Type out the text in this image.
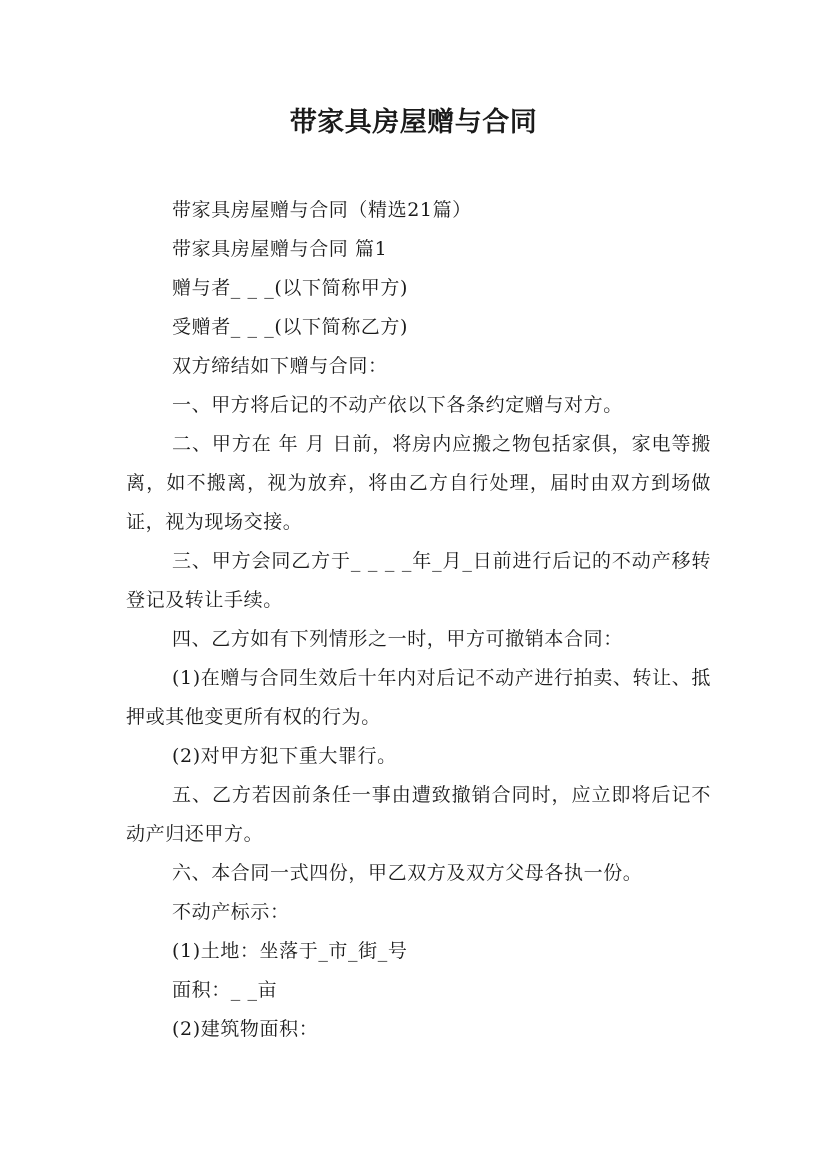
带家具房屋赠与合同

带家具房屋赠与合同（精选21篇）

带家具房屋赠与合同 篇1

赠与者_ _ _(以下简称甲方)

受赠者_ _ _(以下简称乙方)

双方缔结如下赠与合同：

一、甲方将后记的不动产依以下各条约定赠与对方。

二、甲方在 年 月 日前，将房内应搬之物包括家俱，家电等搬离，如不搬离，视为放弃，将由乙方自行处理，届时由双方到场做证，视为现场交接。

三、甲方会同乙方于_ _ _ _年_月_日前进行后记的不动产移转登记及转让手续。

四、乙方如有下列情形之一时，甲方可撤销本合同：

(1)在赠与合同生效后十年内对后记不动产进行拍卖、转让、抵押或其他变更所有权的行为。

(2)对甲方犯下重大罪行。

五、乙方若因前条任一事由遭致撤销合同时，应立即将后记不动产归还甲方。

六、本合同一式四份，甲乙双方及双方父母各执一份。

不动产标示：

(1)土地：坐落于_市_街_号

面积：_ _亩

(2)建筑物面积：
